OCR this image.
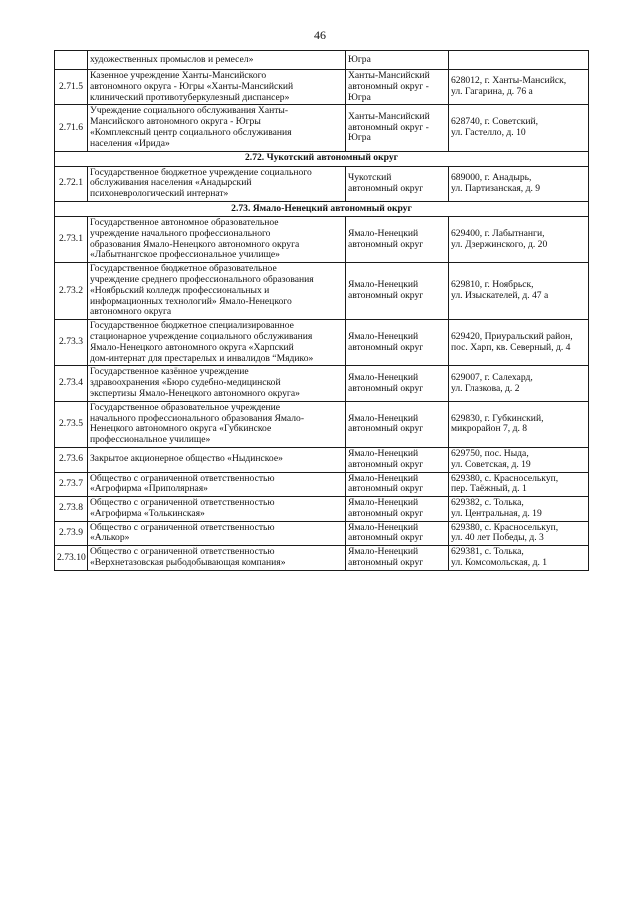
46

	художественных промыслов и ремесел»	Югра	

2.71.5	Казенное учреждение Ханты-Мансийского
автономного округа - Югры «Ханты-Мансийский
клинический противотуберкулезный диспансер»	Ханты-Мансийский
автономный округ -
Югра	628012, г. Ханты-Мансийск,
ул. Гагарина, д. 76 а

2.71.6	Учреждение социального обслуживания Ханты-
Мансийского автономного округа - Югры
«Комплексный центр социального обслуживания
населения «Ирида»	Ханты-Мансийский
автономный округ -
Югра	628740, г. Советский,
ул. Гастелло, д. 10

2.72. Чукотский автономный округ			
2.72.1	Государственное бюджетное учреждение социального
обслуживания населения «Анадырский
психоневрологический интернат»	Чукотский
автономный округ	689000, г. Анадырь,
ул. Партизанская, д. 9

2.73. Ямало-Ненецкий автономный округ			
2.73.1	Государственное автономное образовательное
учреждение начального профессионального
образования Ямало-Ненецкого автономного округа
«Лабытнангское профессиональное училище»	Ямало-Ненецкий
автономный округ	629400, г. Лабытнанги,
ул. Дзержинского, д. 20

2.73.2	Государственное бюджетное образовательное
учреждение среднего профессионального образования
«Ноябрьский колледж профессиональных и
информационных технологий» Ямало-Ненецкого
автономного округа	Ямало-Ненецкий
автономный округ	629810, г. Ноябрьск,
ул. Изыскателей, д. 47 а

2.73.3	Государственное бюджетное специализированное
стационарное учреждение социального обслуживания
Ямало-Ненецкого автономного округа «Харпский
дом-интернат для престарелых и инвалидов “Мядико»	Ямало-Ненецкий
автономный округ	629420, Приуральский район,
пос. Харп, кв. Северный, д. 4

2.73.4	Государственное казённое учреждение
здравоохранения «Бюро судебно-медицинской
экспертизы Ямало-Ненецкого автономного округа»	Ямало-Ненецкий
автономный округ	629007, г. Салехард,
ул. Глазкова, д. 2

2.73.5	Государственное образовательное учреждение
начального профессионального образования Ямало-
Ненецкого автономного округа «Губкинское
профессиональное училище»	Ямало-Ненецкий
автономный округ	629830, г. Губкинский,
микрорайон 7, д. 8

2.73.6	Закрытое акционерное общество «Ныдинское»	Ямало-Ненецкий
автономный округ	629750, пос. Ныда,
ул. Советская, д. 19

2.73.7	Общество с ограниченной ответственностью
«Агрофирма «Приполярная»	Ямало-Ненецкий
автономный округ	629380, с. Красноселькуп,
пер. Таёжный, д. 1

2.73.8	Общество с ограниченной ответственностью
«Агрофирма «Толькинская»	Ямало-Ненецкий
автономный округ	629382, с. Толька,
ул. Центральная, д. 19

2.73.9	Общество с ограниченной ответственностью
«Алькор»	Ямало-Ненецкий
автономный округ	629380, с. Красноселькуп,
ул. 40 лет Победы, д. 3

2.73.10	Общество с ограниченной ответственностью
«Верхнетазовская рыбодобывающая компания»	Ямало-Ненецкий
автономный округ	629381, с. Толька,
ул. Комсомольская, д. 1
